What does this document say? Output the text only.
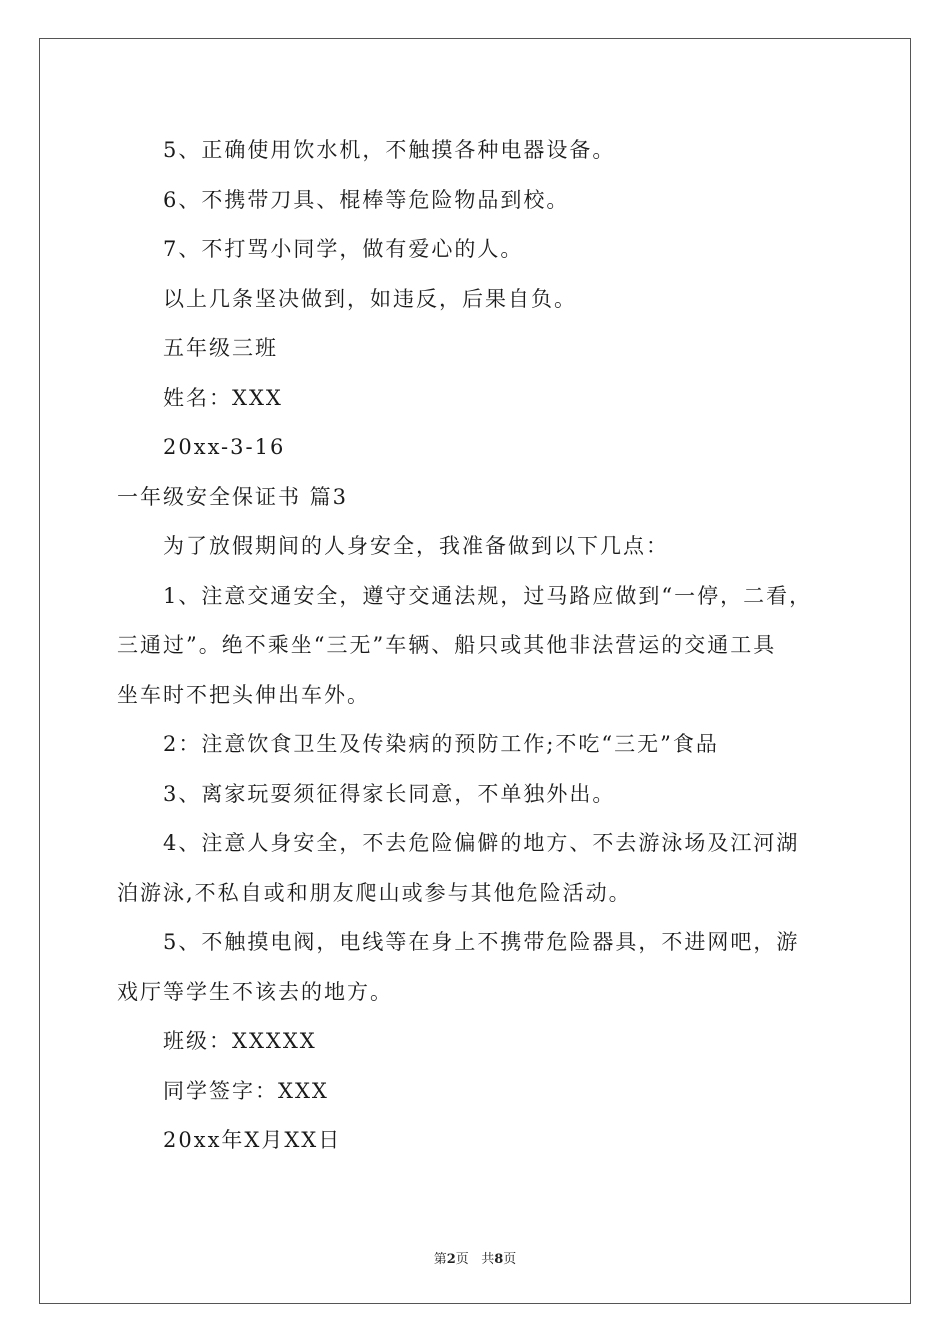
5、正确使用饮水机，不触摸各种电器设备。
6、不携带刀具、棍棒等危险物品到校。
7、不打骂小同学，做有爱心的人。
以上几条坚决做到，如违反，后果自负。
五年级三班
姓名：XXX
20xx-3-16
一年级安全保证书 篇3
为了放假期间的人身安全，我准备做到以下几点：
1、注意交通安全，遵守交通法规，过马路应做到“一停，二看，
三通过”。绝不乘坐“三无”车辆、船只或其他非法营运的交通工具
坐车时不把头伸出车外。
2：注意饮食卫生及传染病的预防工作;不吃“三无”食品
3、离家玩耍须征得家长同意，不单独外出。
4、注意人身安全，不去危险偏僻的地方、不去游泳场及江河湖
泊游泳,不私自或和朋友爬山或参与其他危险活动。
5、不触摸电阀，电线等在身上不携带危险器具，不进网吧，游
戏厅等学生不该去的地方。
班级：XXXXX
同学签字：XXX
20xx年X月XX日
第2页 共8页
